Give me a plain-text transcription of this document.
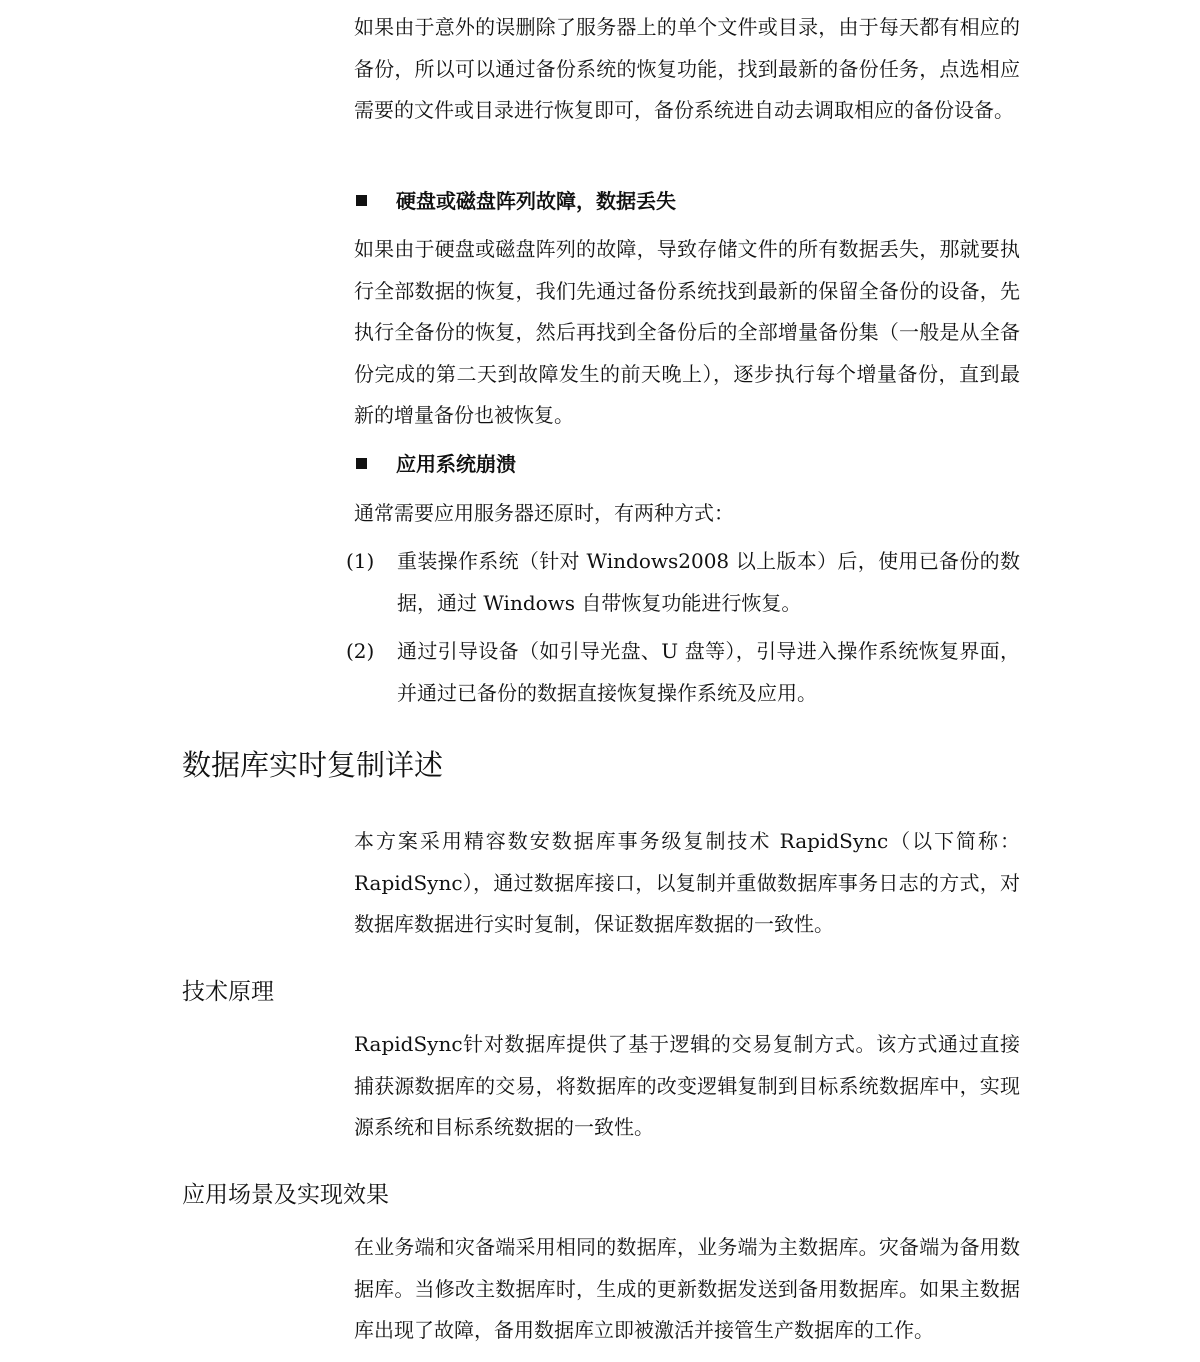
如果由于意外的误删除了服务器上的单个文件或目录，由于每天都有相应的备份，所以可以通过备份系统的恢复功能，找到最新的备份任务，点选相应需要的文件或目录进行恢复即可，备份系统进自动去调取相应的备份设备。

硬盘或磁盘阵列故障，数据丢失

如果由于硬盘或磁盘阵列的故障，导致存储文件的所有数据丢失，那就要执行全部数据的恢复，我们先通过备份系统找到最新的保留全备份的设备，先执行全备份的恢复，然后再找到全备份后的全部增量备份集（一般是从全备份完成的第二天到故障发生的前天晚上），逐步执行每个增量备份，直到最新的增量备份也被恢复。

应用系统崩溃

通常需要应用服务器还原时，有两种方式：

(1) 重装操作系统（针对 Windows2008 以上版本）后，使用已备份的数据，通过 Windows 自带恢复功能进行恢复。
(2) 通过引导设备（如引导光盘、U 盘等），引导进入操作系统恢复界面，并通过已备份的数据直接恢复操作系统及应用。
数据库实时复制详述

本方案采用精容数安数据库事务级复制技术 RapidSync（以下简称：RapidSync），通过数据库接口，以复制并重做数据库事务日志的方式，对数据库数据进行实时复制，保证数据库数据的一致性。

技术原理

RapidSync针对数据库提供了基于逻辑的交易复制方式。该方式通过直接捕获源数据库的交易，将数据库的改变逻辑复制到目标系统数据库中，实现源系统和目标系统数据的一致性。

应用场景及实现效果

在业务端和灾备端采用相同的数据库，业务端为主数据库。灾备端为备用数据库。当修改主数据库时，生成的更新数据发送到备用数据库。如果主数据库出现了故障，备用数据库立即被激活并接管生产数据库的工作。
